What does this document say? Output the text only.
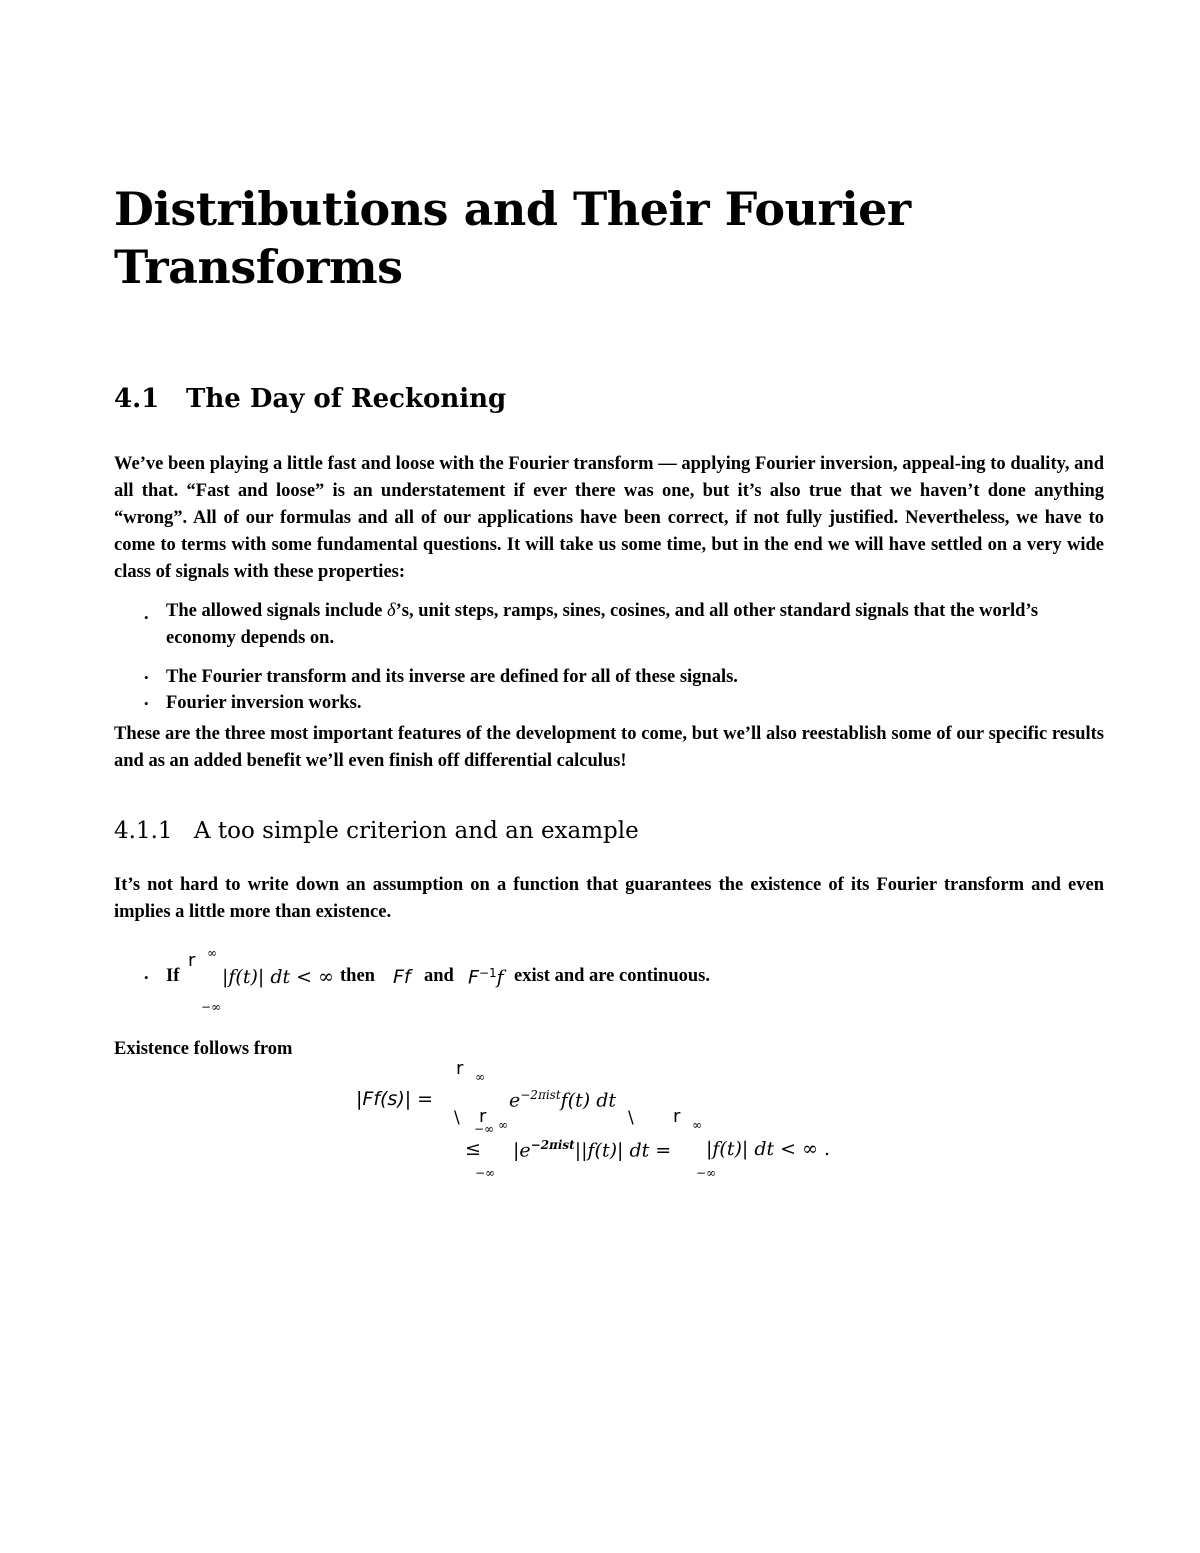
Distributions and Their Fourier Transforms
4.1 The Day of Reckoning

We’ve been playing a little fast and loose with the Fourier transform — applying Fourier inversion, appeal-ing to duality, and all that. “Fast and loose” is an understatement if ever there was one, but it’s also true that we haven’t done anything “wrong”. All of our formulas and all of our applications have been correct, if not fully justified. Nevertheless, we have to come to terms with some fundamental questions. It will take us some time, but in the end we will have settled on a very wide class of signals with these properties:

• The allowed signals include δ’s, unit steps, ramps, sines, cosines, and all other standard signals that the world’s economy depends on.
• The Fourier transform and its inverse are defined for all of these signals.
• Fourier inversion works.

These are the three most important features of the development to come, but we’ll also reestablish some of our specific results and as an added benefit we’ll even finish off differential calculus!

4.1.1 A too simple criterion and an example

It’s not hard to write down an assumption on a function that guarantees the existence of its Fourier transform and even implies a little more than existence.

• If
r ∞
−∞
|f(t)| dt < ∞ then Ff and $F^{-1}f$ exist and are continuous.

Existence follows from

|Ff(s)| =
r ∞
$e^{-2\pi ist}f(t)$ dt
\ r
−∞ ∞	\ r ∞
≤ $|e^{-2\pi ist}||f(t)|$ dt = |f(t)| dt < ∞ .
−∞	−∞
